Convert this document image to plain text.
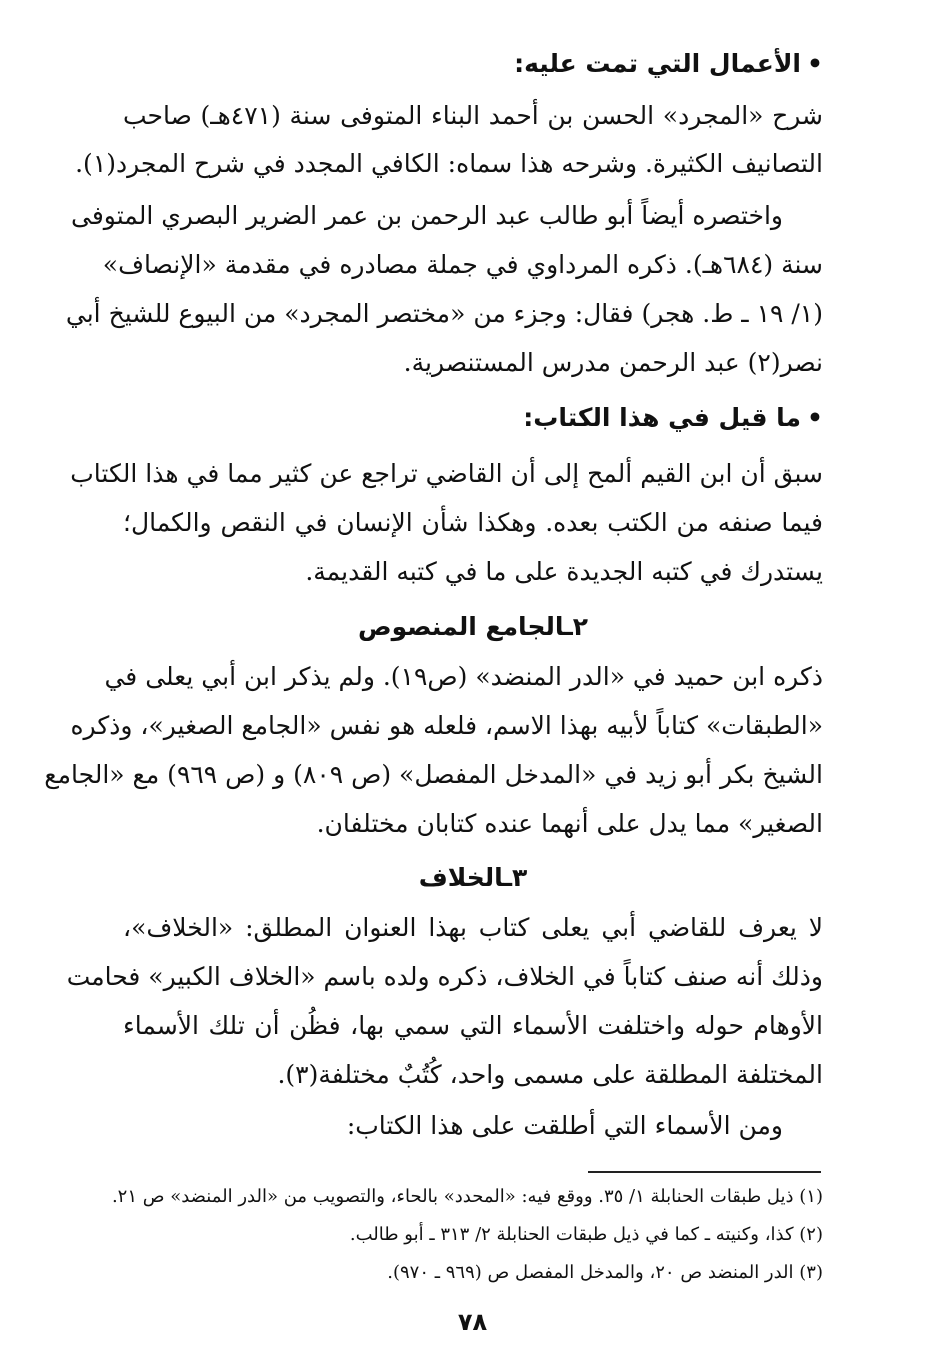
•الأعمال التي تمت عليه:
شرح «المجرد» الحسن بن أحمد البناء المتوفى سنة (٤٧١هـ) صاحب
التصانيف الكثيرة. وشرحه هذا سماه: الكافي المجدد في شرح المجرد(١).
واختصره أيضاً أبو طالب عبد الرحمن بن عمر الضرير البصري المتوفى
سنة (٦٨٤هـ). ذكره المرداوي في جملة مصادره في مقدمة «الإنصاف»
(١/ ١٩ ـ ط. هجر) فقال: وجزء من «مختصر المجرد» من البيوع للشيخ أبي
نصر(٢) عبد الرحمن مدرس المستنصرية.
•ما قيل في هذا الكتاب:
سبق أن ابن القيم ألمح إلى أن القاضي تراجع عن كثير مما في هذا الكتاب
فيما صنفه من الكتب بعده. وهكذا شأن الإنسان في النقص والكمال؛
يستدرك في كتبه الجديدة على ما في كتبه القديمة.
٢ـالجامع المنصوص
ذكره ابن حميد في «الدر المنضد» (ص١٩). ولم يذكر ابن أبي يعلى في
«الطبقات» كتاباً لأبيه بهذا الاسم، فلعله هو نفس «الجامع الصغير»، وذكره
الشيخ بكر أبو زيد في «المدخل المفصل» (ص ٨٠٩) و (ص ٩٦٩) مع «الجامع
الصغير» مما يدل على أنهما عنده كتابان مختلفان.
٣ـالخلاف
لا يعرف للقاضي أبي يعلى كتاب بهذا العنوان المطلق: «الخلاف»،
وذلك أنه صنف كتاباً في الخلاف، ذكره ولده باسم «الخلاف الكبير» فحامت
الأوهام حوله واختلفت الأسماء التي سمي بها، فظُن أن تلك الأسماء
المختلفة المطلقة على مسمى واحد، كُتُبٌ مختلفة(٣).
ومن الأسماء التي أطلقت على هذا الكتاب:
(١) ذيل طبقات الحنابلة ١/ ٣٥. ووقع فيه: «المحدد» بالحاء، والتصويب من «الدر المنضد» ص ٢١.
(٢) كذا، وكنيته ـ كما في ذيل طبقات الحنابلة ٢/ ٣١٣ ـ أبو طالب.
(٣) الدر المنضد ص ٢٠، والمدخل المفصل ص (٩٦٩ ـ ٩٧٠).
٧٨
